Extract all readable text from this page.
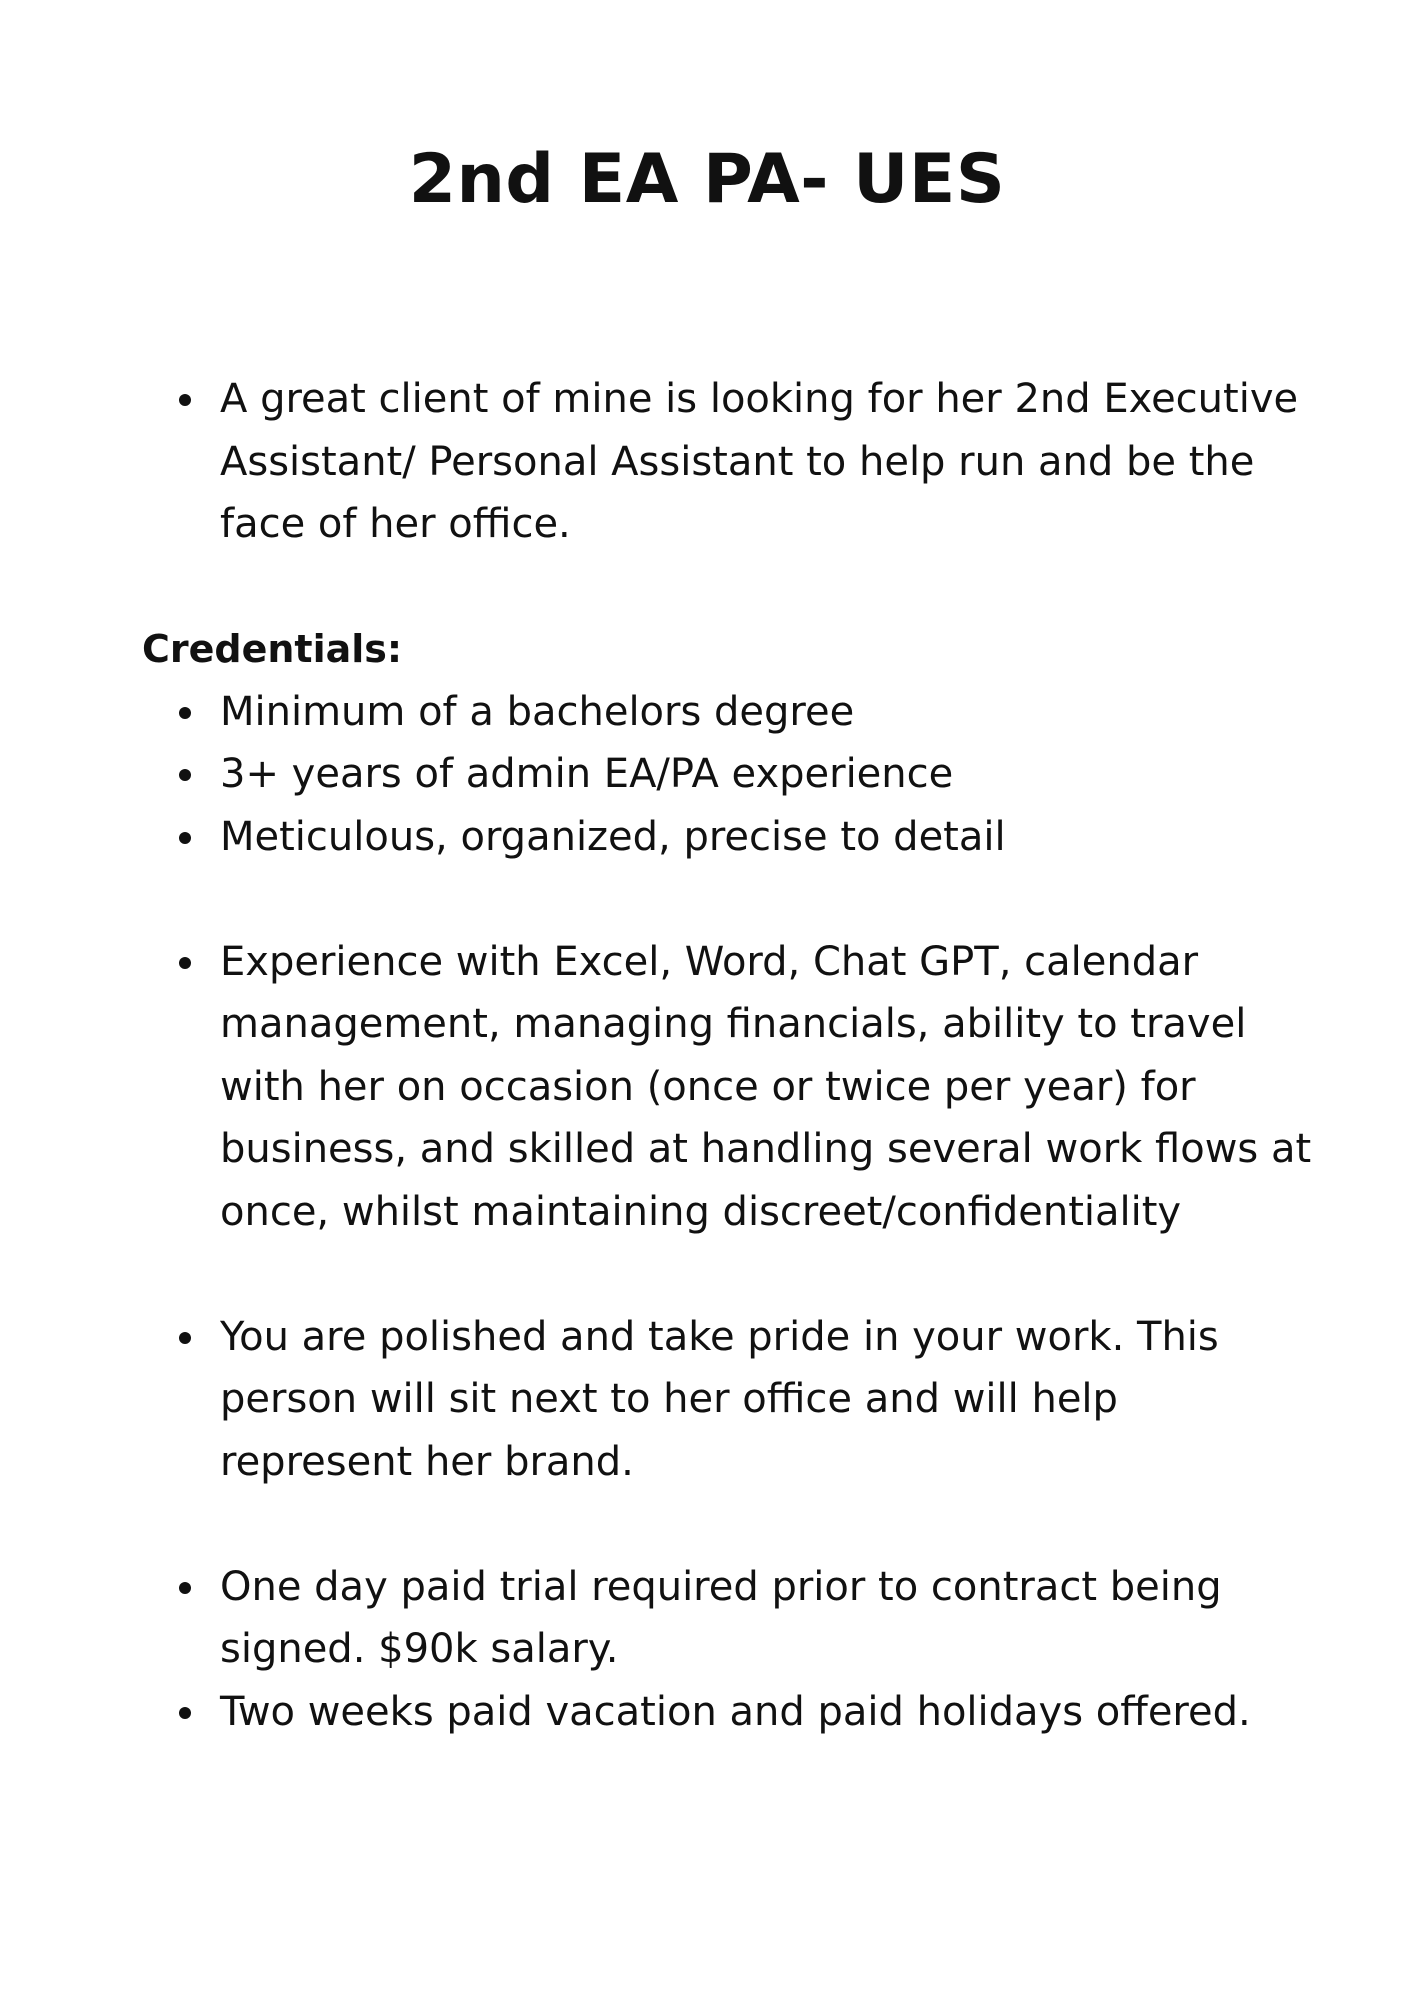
2nd EA PA- UES
A great client of mine is looking for her 2nd Executive Assistant/ Personal Assistant to help run and be the face of her office.
Credentials:
Minimum of a bachelors degree
3+ years of admin EA/PA experience
Meticulous, organized, precise to detail
Experience with Excel, Word, Chat GPT, calendar management, managing financials, ability to travel with her on occasion (once or twice per year) for business, and skilled at handling several work flows at once, whilst maintaining discreet/confidentiality
You are polished and take pride in your work. This person will sit next to her office and will help represent her brand.
One day paid trial required prior to contract being signed. $90k salary.
Two weeks paid vacation and paid holidays offered.
